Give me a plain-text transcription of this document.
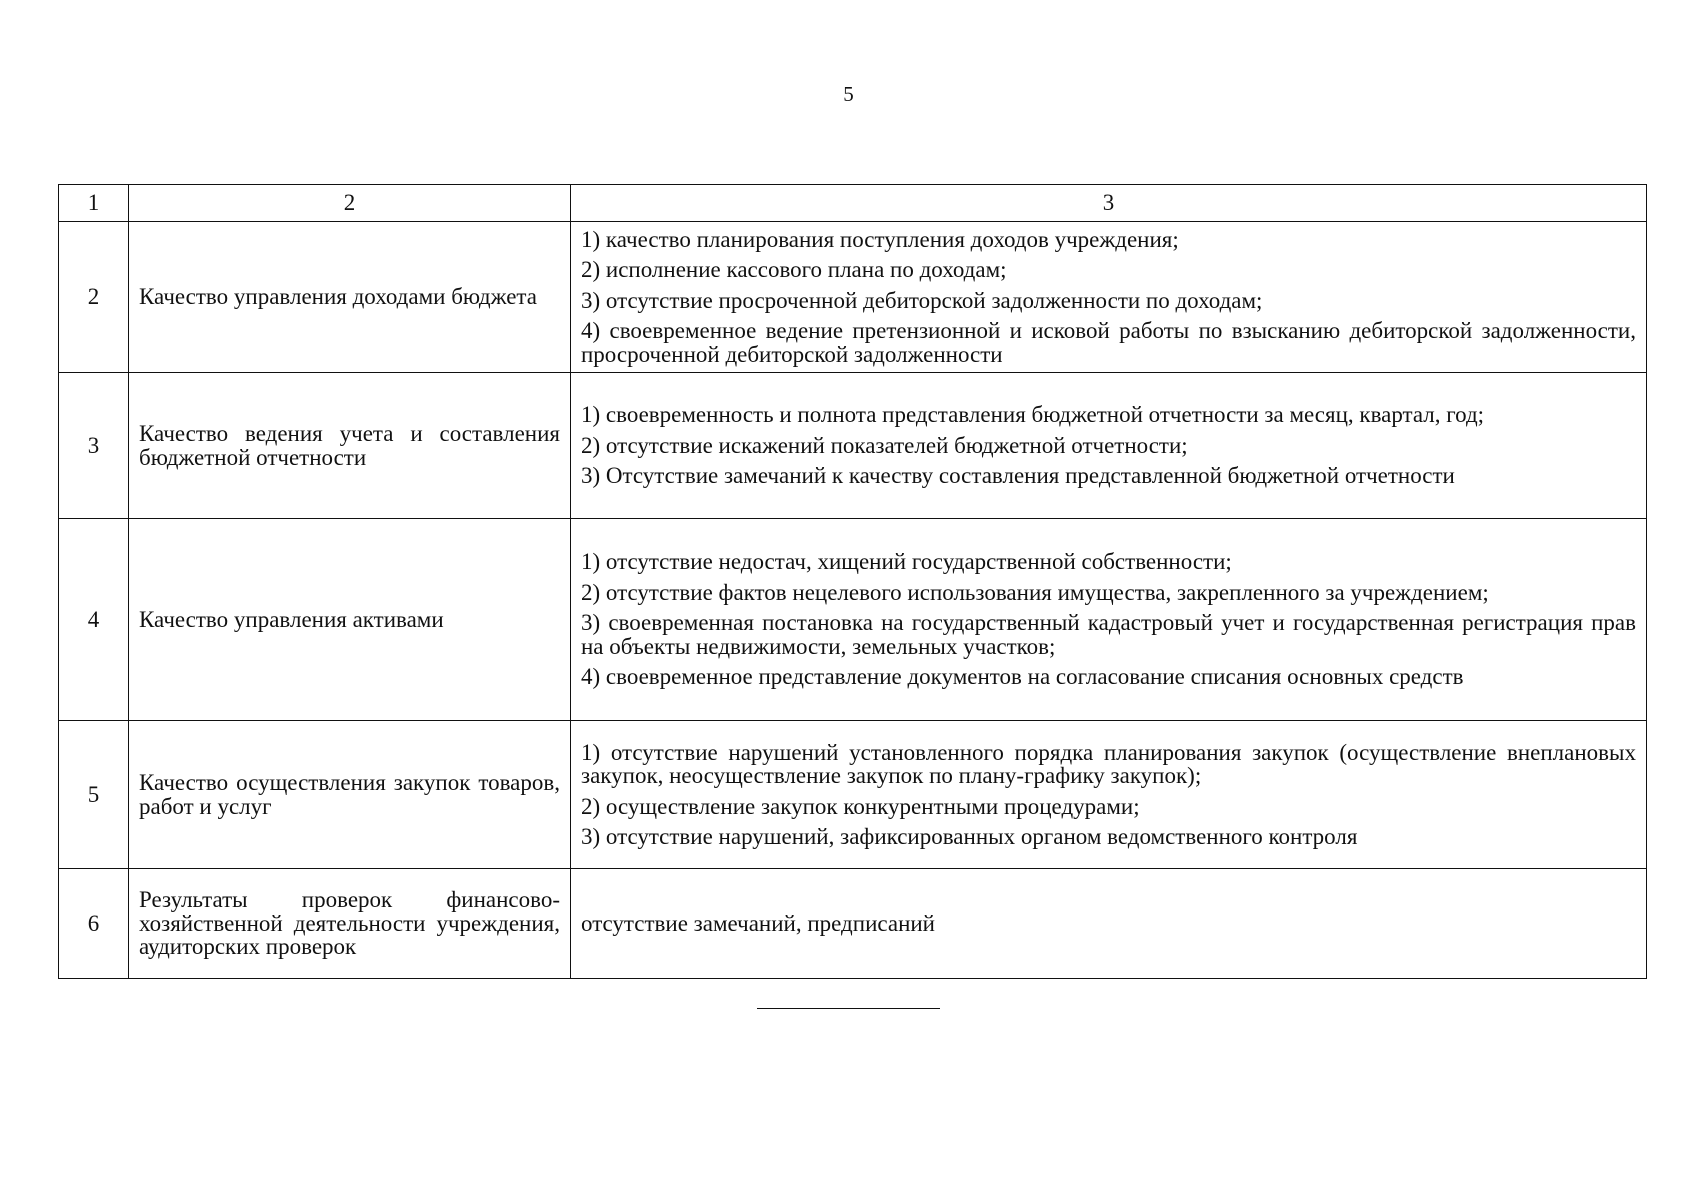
5
1	2	3
2	Качество управления доходами бюджета	1) качество планирования поступления доходов учреждения;
2) исполнение кассового плана по доходам;
3) отсутствие просроченной дебиторской задолженности по доходам;
4) своевременное ведение претензионной и исковой работы по взысканию дебиторской задолженности, просроченной дебиторской задолженности

3	Качество ведения учета и составления бюджетной отчетности	1) своевременность и полнота представления бюджетной отчетности за месяц, квартал, год;
2) отсутствие искажений показателей бюджетной отчетности;
3) Отсутствие замечаний к качеству составления представленной бюджетной отчетности

4	Качество управления активами	1) отсутствие недостач, хищений государственной собственности;
2) отсутствие фактов нецелевого использования имущества, закрепленного за учреждением;
3) своевременная постановка на государственный кадастровый учет и государственная регистрация прав на объекты недвижимости, земельных участков;
4) своевременное представление документов на согласование списания основных средств

5	Качество осуществления закупок товаров, работ и услуг	1) отсутствие нарушений установленного порядка планирования закупок (осуществление внеплановых закупок, неосуществление закупок по плану-графику закупок);
2) осуществление закупок конкурентными процедурами;
3) отсутствие нарушений, зафиксированных органом ведомственного контроля

6	Результаты проверок финансово-хозяйственной деятельности учреждения, аудиторских проверок	отсутствие замечаний, предписаний
